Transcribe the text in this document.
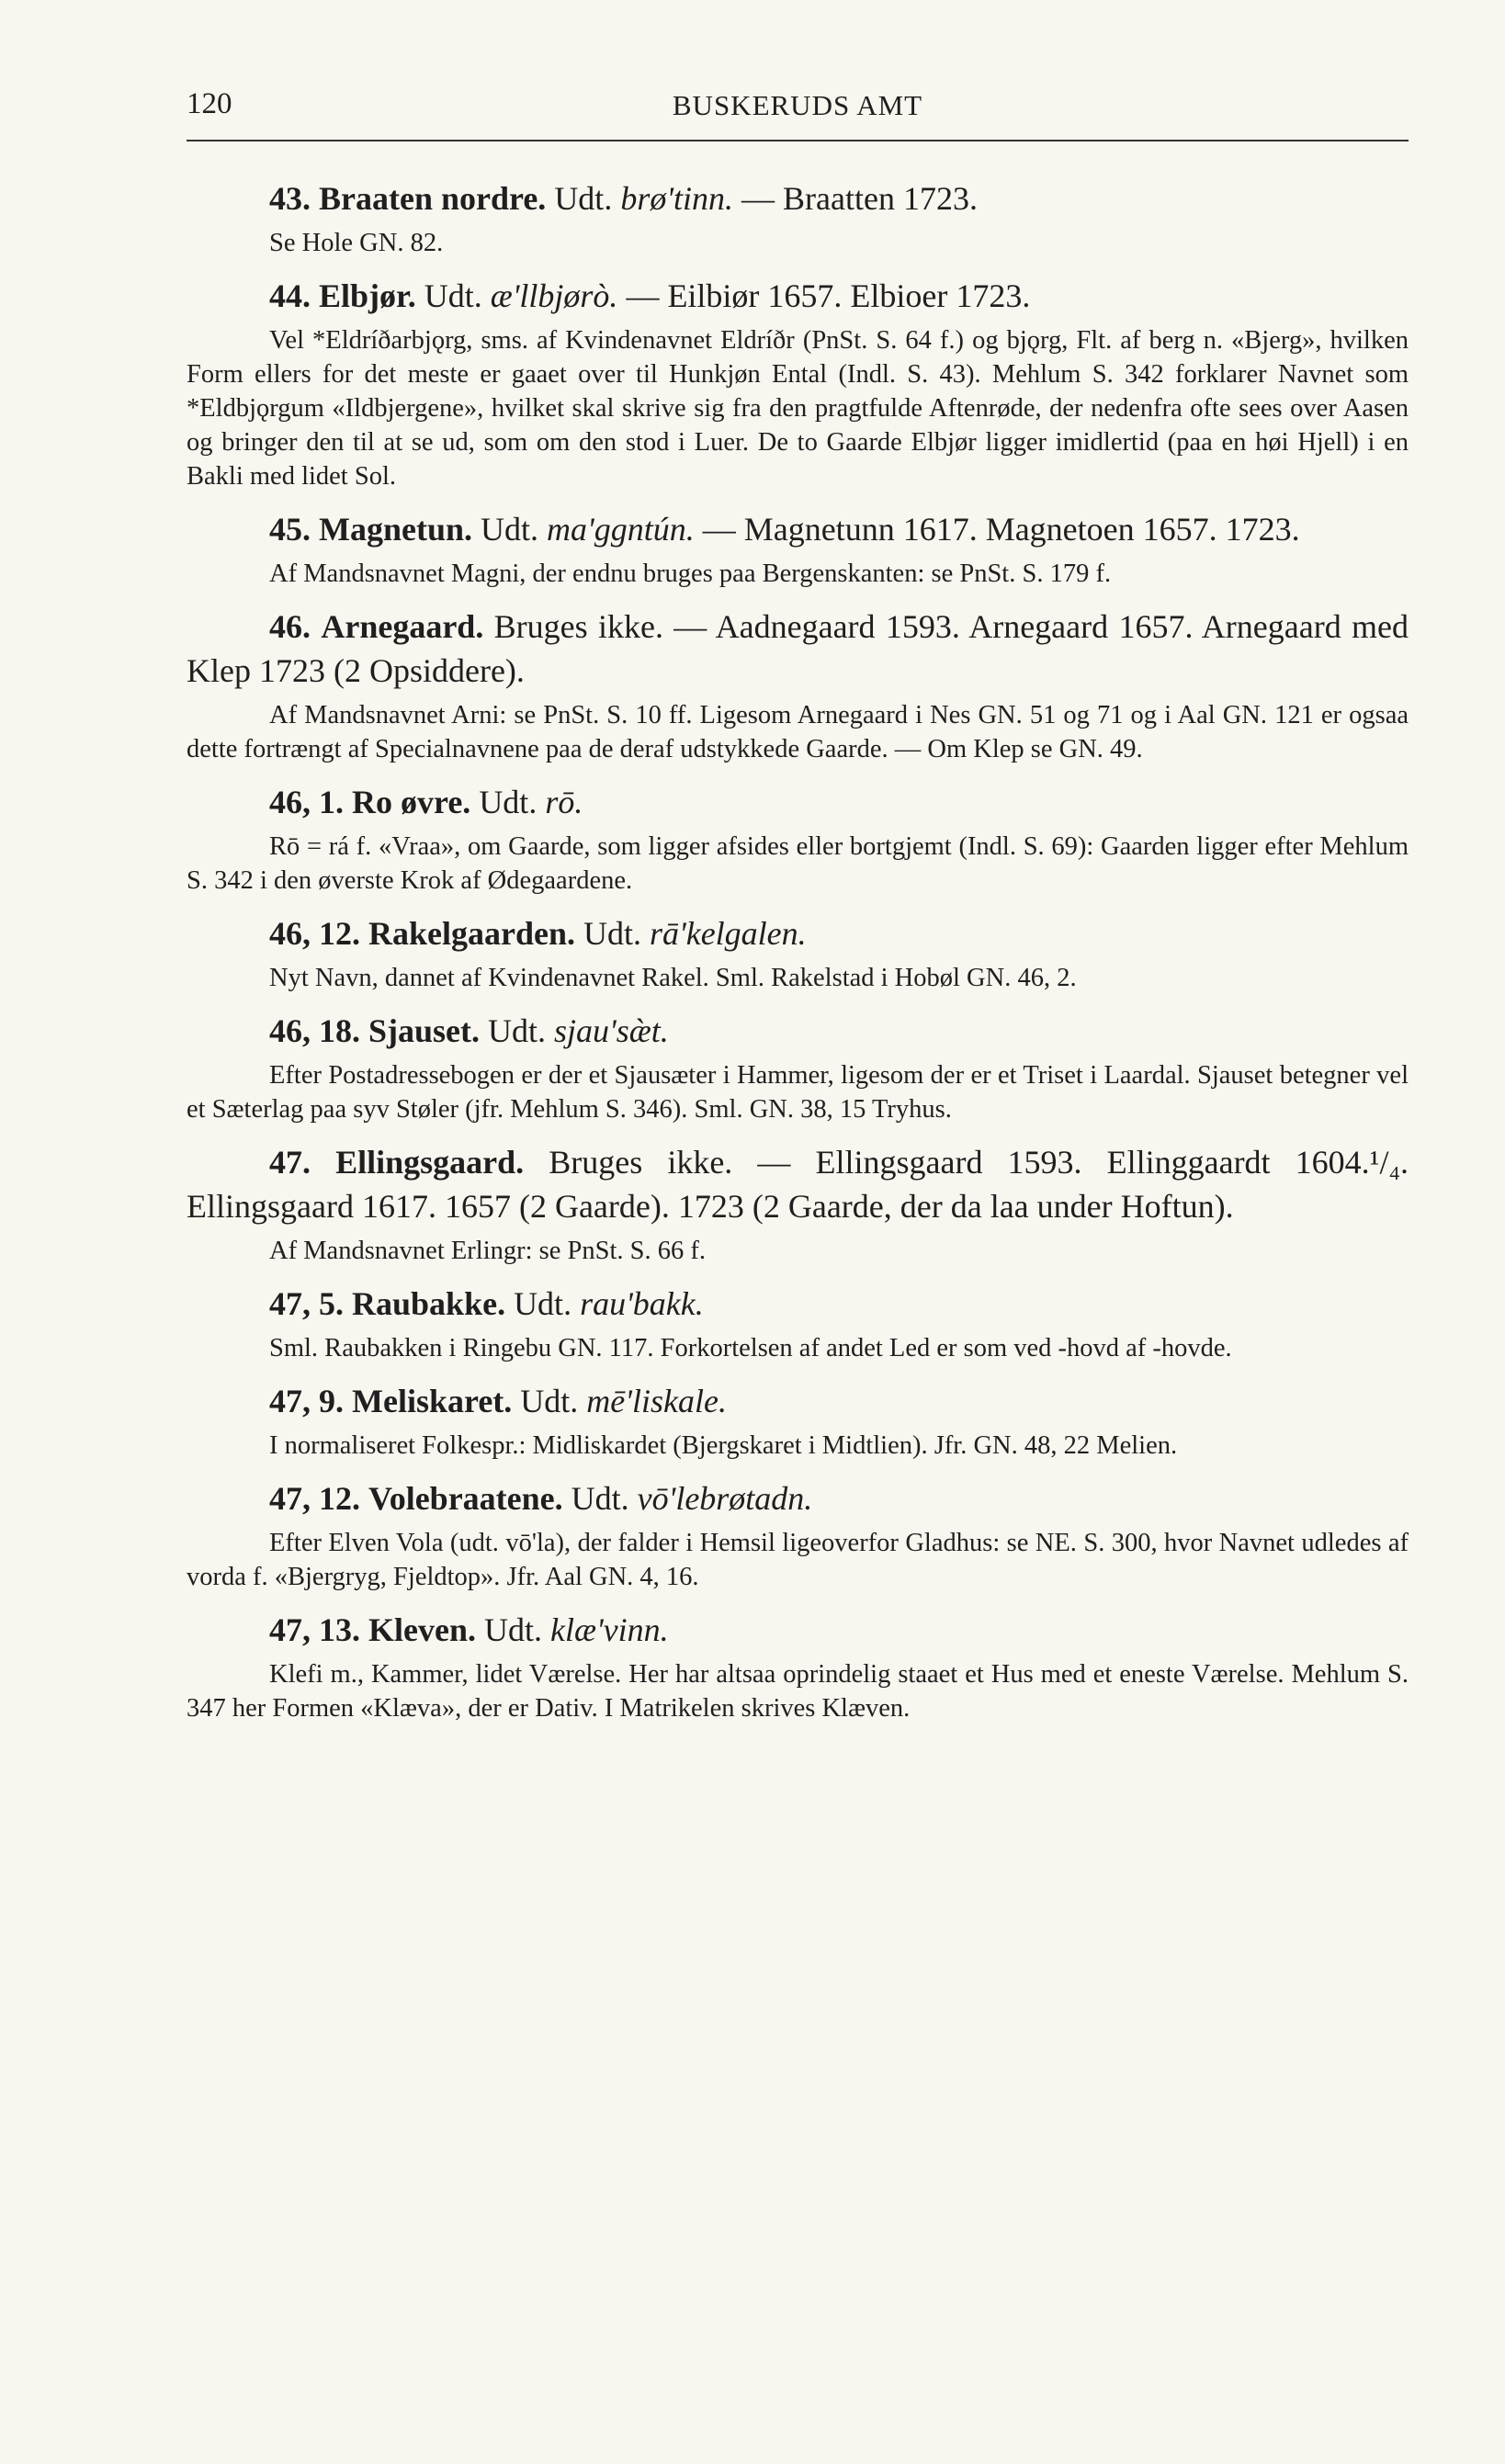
120	BUSKERUDS AMT

43. Braaten nordre. Udt. brø'tinn. — Braatten 1723.

Se Hole GN. 82.

44. Elbjør. Udt. æ'llbjørò. — Eilbiør 1657. Elbioer 1723.

Vel *Eldríðarbjǫrg, sms. af Kvindenavnet Eldríðr (PnSt. S. 64 f.) og bjǫrg, Flt. af berg n. «Bjerg», hvilken Form ellers for det meste er gaaet over til Hunkjøn Ental (Indl. S. 43). Mehlum S. 342 forklarer Navnet som *Eldbjǫrgum «Ildbjergene», hvilket skal skrive sig fra den pragtfulde Aftenrøde, der nedenfra ofte sees over Aasen og bringer den til at se ud, som om den stod i Luer. De to Gaarde Elbjør ligger imidlertid (paa en høi Hjell) i en Bakli med lidet Sol.

45. Magnetun. Udt. ma'ggntún. — Magnetunn 1617. Magnetoen 1657. 1723.

Af Mandsnavnet Magni, der endnu bruges paa Bergenskanten: se PnSt. S. 179 f.

46. Arnegaard. Bruges ikke. — Aadnegaard 1593. Arnegaard 1657. Arnegaard med Klep 1723 (2 Opsiddere).

Af Mandsnavnet Arni: se PnSt. S. 10 ff. Ligesom Arnegaard i Nes GN. 51 og 71 og i Aal GN. 121 er ogsaa dette fortrængt af Specialnavnene paa de deraf udstykkede Gaarde. — Om Klep se GN. 49.

46, 1. Ro øvre. Udt. rō.

Rō = rá f. «Vraa», om Gaarde, som ligger afsides eller bortgjemt (Indl. S. 69): Gaarden ligger efter Mehlum S. 342 i den øverste Krok af Ødegaardene.

46, 12. Rakelgaarden. Udt. rā'kelgalen.

Nyt Navn, dannet af Kvindenavnet Rakel. Sml. Rakelstad i Hobøl GN. 46, 2.

46, 18. Sjauset. Udt. sjau'sæ̀t.

Efter Postadressebogen er der et Sjausæter i Hammer, ligesom der er et Triset i Laardal. Sjauset betegner vel et Sæterlag paa syv Støler (jfr. Mehlum S. 346). Sml. GN. 38, 15 Tryhus.

47. Ellingsgaard. Bruges ikke. — Ellingsgaard 1593. Ellinggaardt 1604.¹/₄. Ellingsgaard 1617. 1657 (2 Gaarde). 1723 (2 Gaarde, der da laa under Hoftun).

Af Mandsnavnet Erlingr: se PnSt. S. 66 f.

47, 5. Raubakke. Udt. rau'bakk.

Sml. Raubakken i Ringebu GN. 117. Forkortelsen af andet Led er som ved -hovd af -hovde.

47, 9. Meliskaret. Udt. mē'liskale.

I normaliseret Folkespr.: Midliskardet (Bjergskaret i Midtlien). Jfr. GN. 48, 22 Melien.

47, 12. Volebraatene. Udt. vō'lebrøtadn.

Efter Elven Vola (udt. vō'la), der falder i Hemsil ligeoverfor Gladhus: se NE. S. 300, hvor Navnet udledes af vorda f. «Bjergryg, Fjeldtop». Jfr. Aal GN. 4, 16.

47, 13. Kleven. Udt. klæ'vinn.

Klefi m., Kammer, lidet Værelse. Her har altsaa oprindelig staaet et Hus med et eneste Værelse. Mehlum S. 347 her Formen «Klæva», der er Dativ. I Matrikelen skrives Klæven.
